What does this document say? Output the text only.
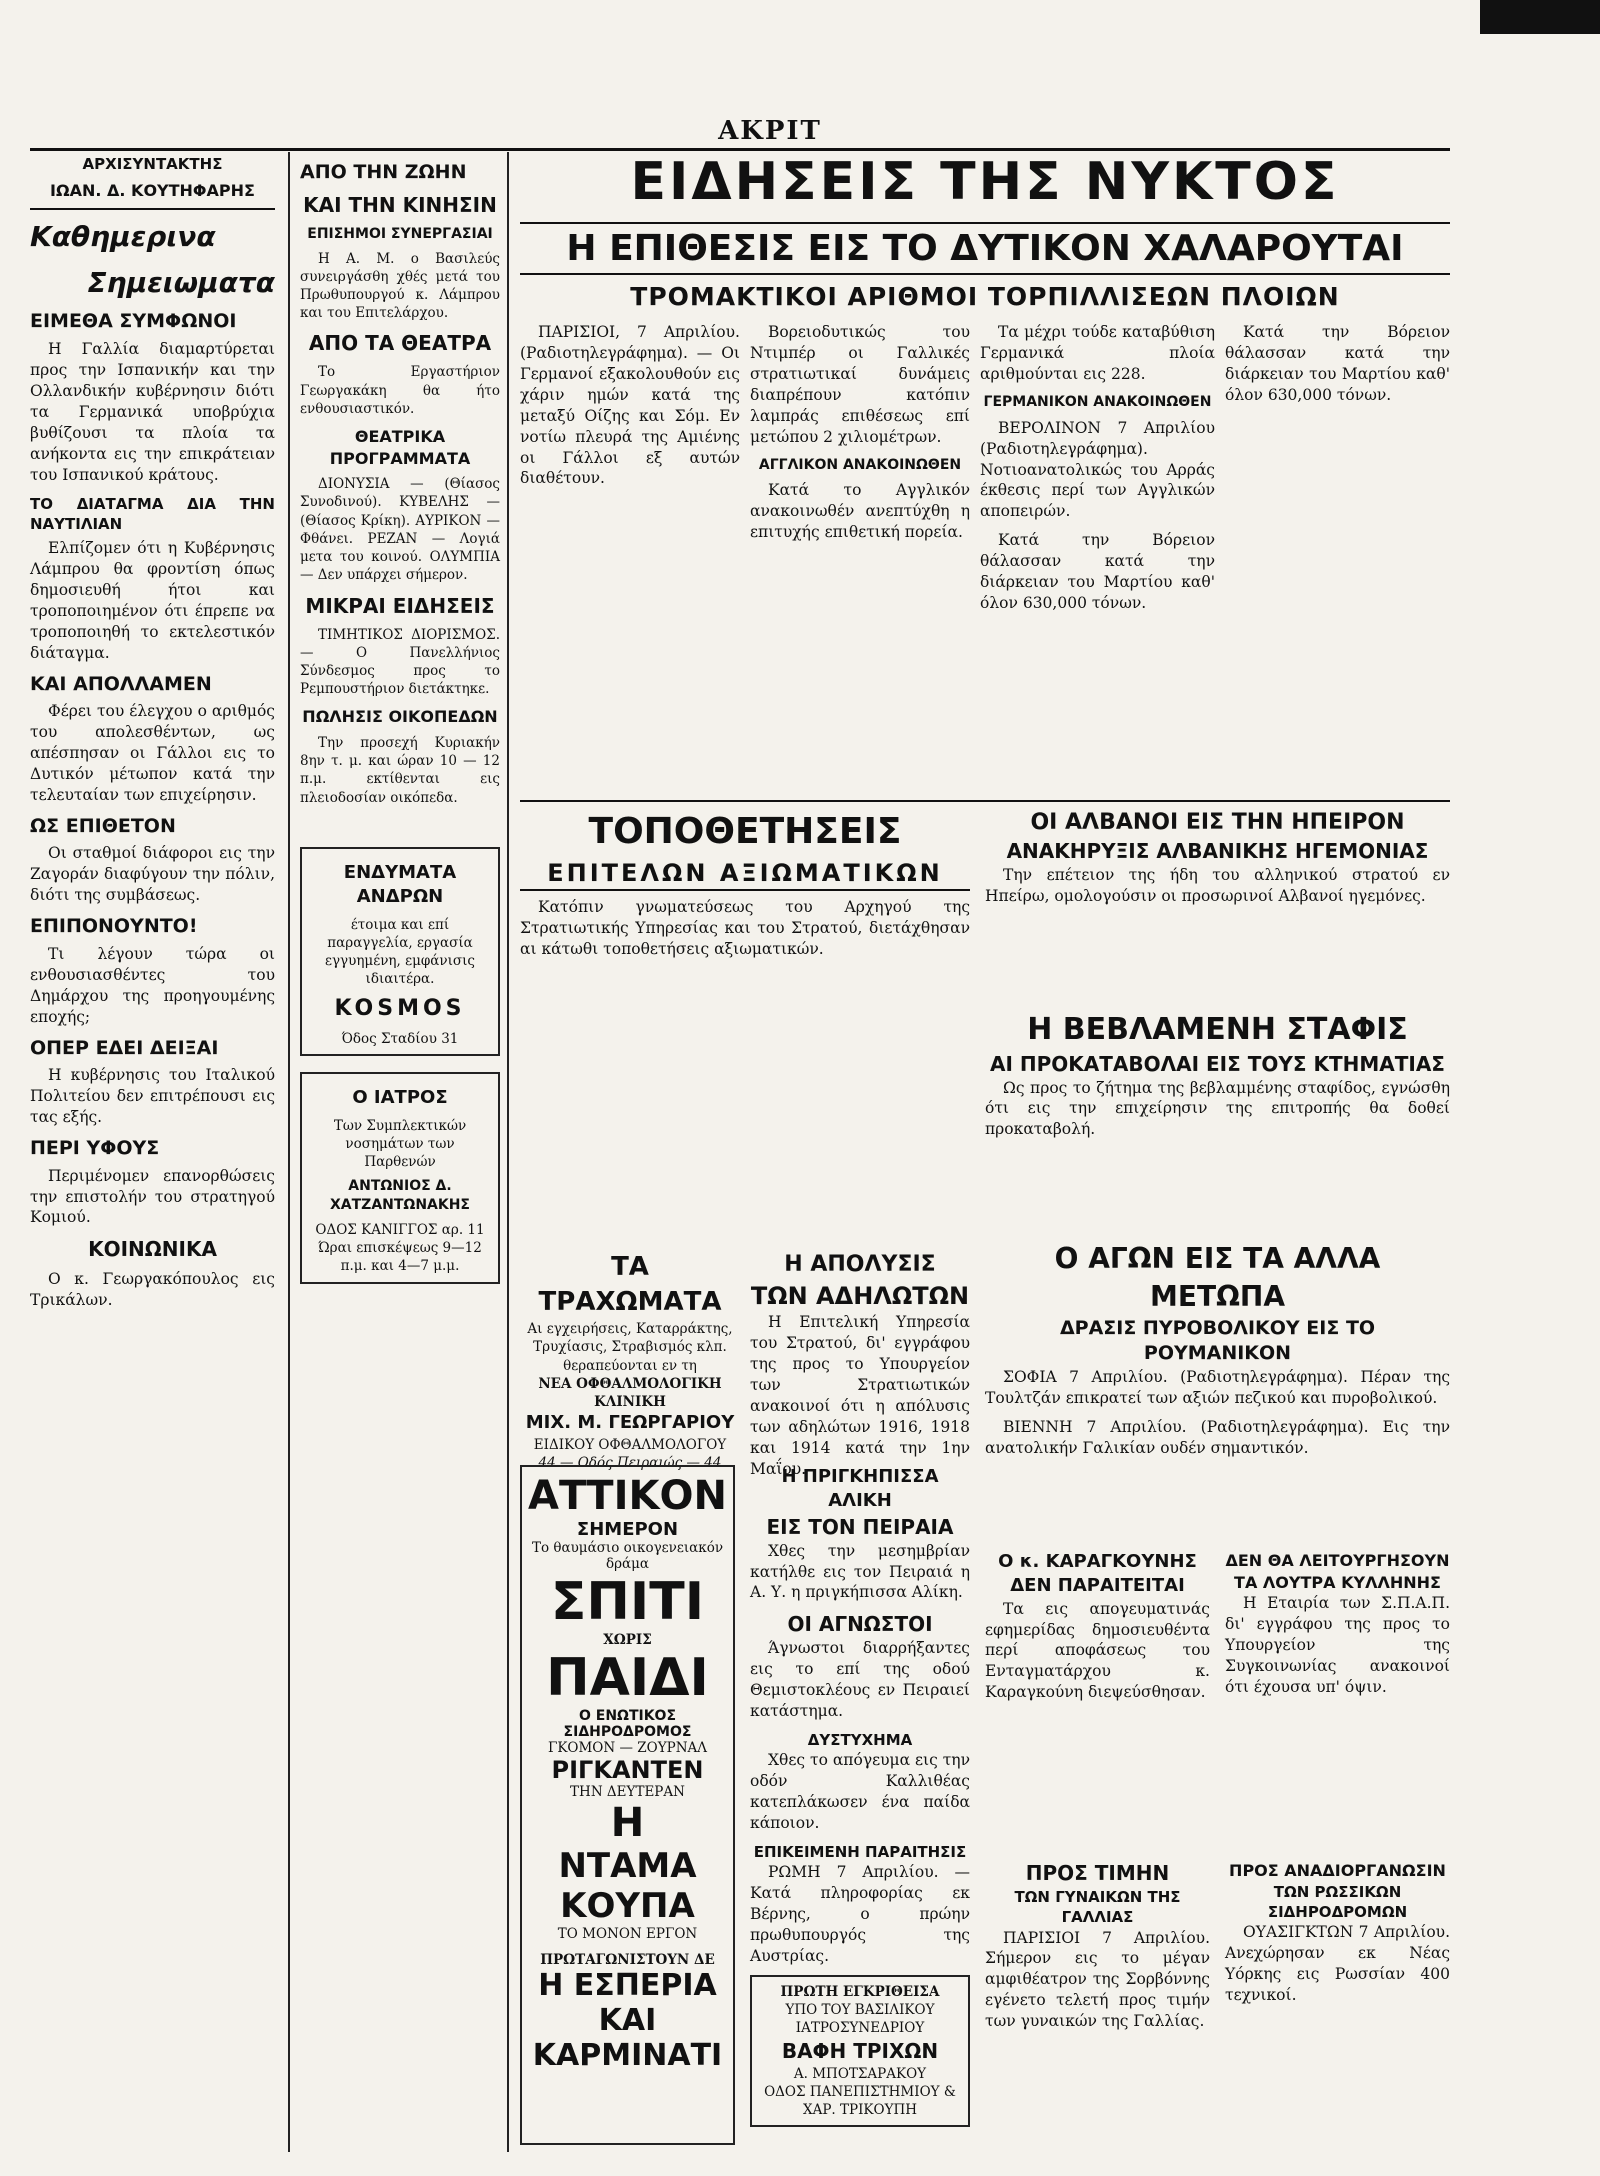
ΑΚΡΙΤ
ΑΡΧΙΣΥΝΤΑΚΤΗΣ
ΙΩΑΝ. Δ. ΚΟΥΤΗΦΑΡΗΣ
Καθημερινα
Σημειωματα
ΕΙΜΕΘΑ ΣΥΜΦΩΝΟΙ

Η Γαλλία διαμαρτύρεται προς την Ισπανικήν και την Ολλανδικήν κυβέρνησιν διότι τα Γερμανικά υποβρύχια βυθίζουσι τα πλοία τα ανήκοντα εις την επικράτειαν του Ισπανικού κράτους.

ΤΟ ΔΙΑΤΑΓΜΑ ΔΙΑ ΤΗΝ ΝΑΥΤΙΛΙΑΝ

Ελπίζομεν ότι η Κυβέρνησις Λάμπρου θα φροντίση όπως δημοσιευθή ήτοι και τροποποιημένον ότι έπρεπε να τροποποιηθή το εκτελεστικόν διάταγμα.

ΚΑΙ ΑΠΟΛΛΑΜΕΝ

Φέρει του έλεγχου ο αριθμός του απολεσθέντων, ως απέσπησαν οι Γάλλοι εις το Δυτικόν μέτωπον κατά την τελευταίαν των επιχείρησιν.

ΩΣ ΕΠΙΘΕΤΟΝ

Οι σταθμοί διάφοροι εις την Ζαγοράν διαφύγουν την πόλιν, διότι της συμβάσεως.

ΕΠΙΠΟΝΟΥΝΤΟ!

Τι λέγουν τώρα οι ενθουσιασθέντες του Δημάρχου της προηγουμένης εποχής;

ΟΠΕΡ ΕΔΕΙ ΔΕΙΞΑΙ

Η κυβέρνησις του Ιταλικού Πολιτείου δεν επιτρέπουσι εις τας εξής.

ΠΕΡΙ ΥΦΟΥΣ

Περιμένομεν επανορθώσεις την επιστολήν του στρατηγού Κομιού.

ΚΟΙΝΩΝΙΚΑ

Ο κ. Γεωργακόπουλος εις Τρικάλων.

ΑΠΟ ΤΗΝ ΖΩΗΝ
ΚΑΙ ΤΗΝ ΚΙΝΗΣΙΝ
ΕΠΙΣΗΜΟΙ ΣΥΝΕΡΓΑΣΙΑΙ

Η Α. Μ. ο Βασιλεύς συνειργάσθη χθές μετά του Πρωθυπουργού κ. Λάμπρου και του Επιτελάρχου.

ΑΠΟ ΤΑ ΘΕΑΤΡΑ

Το Εργαστήριον Γεωργακάκη θα ήτο ενθουσιαστικόν.

ΘΕΑΤΡΙΚΑ ΠΡΟΓΡΑΜΜΑΤΑ

ΔΙΟΝΥΣΙΑ — (Θίασος Συνοδινού). ΚΥΒΕΛΗΣ — (Θίασος Κρίκη). ΑΥΡΙΚΟΝ — Φθάνει. ΡΕΖΑΝ — Λογιά μετα του κοινού. ΟΛΥΜΠΙΑ — Δεν υπάρχει σήμερον.

ΜΙΚΡΑΙ ΕΙΔΗΣΕΙΣ

ΤΙΜΗΤΙΚΟΣ ΔΙΟΡΙΣΜΟΣ. — Ο Πανελλήνιος Σύνδεσμος προς το Ρεμπουστήριον διετάκτηκε.

ΠΩΛΗΣΙΣ ΟΙΚΟΠΕΔΩΝ

Την προσεχή Κυριακήν 8ην τ. μ. και ώραν 10 — 12 π.μ. εκτίθενται εις πλειοδοσίαν οικόπεδα.

ΕΝΔΥΜΑΤΑ ΑΝΔΡΩΝ
έτοιμα και επί παραγγελία, εργασία εγγυημένη, εμφάνισις ιδιαιτέρα.
KOSMOS
Όδος Σταδίου 31
Ο ΙΑΤΡΟΣ
Των Συμπλεκτικών νοσημάτων των Παρθενών
ΑΝΤΩΝΙΟΣ Δ. ΧΑΤΖΑΝΤΩΝΑΚΗΣ
ΟΔΟΣ ΚΑΝΙΓΓΟΣ αρ. 11
Ώραι επισκέψεως 9—12 π.μ. και 4—7 μ.μ.
ΕΙΔΗΣΕΙΣ ΤΗΣ ΝΥΚΤΟΣ
Η ΕΠΙΘΕΣΙΣ ΕΙΣ ΤΟ ΔΥΤΙΚΟΝ ΧΑΛΑΡΟΥΤΑΙ
ΤΡΟΜΑΚΤΙΚΟΙ ΑΡΙΘΜΟΙ ΤΟΡΠΙΛΛΙΣΕΩΝ ΠΛΟΙΩΝ

ΠΑΡΙΣΙΟΙ, 7 Απριλίου. (Ραδιοτηλεγράφημα). — Οι Γερμανοί εξακολουθούν εις χάριν ημών κατά της μεταξύ Οίζης και Σόμ. Εν νοτίω πλευρά της Αμιένης οι Γάλλοι εξ αυτών διαθέτουν.

Βορειοδυτικώς του Ντιμπέρ οι Γαλλικές στρατιωτικαί δυνάμεις διαπρέπουν κατόπιν λαμπράς επιθέσεως επί μετώπου 2 χιλιομέτρων.

ΑΓΓΛΙΚΟΝ ΑΝΑΚΟΙΝΩΘΕΝ

Κατά το Αγγλικόν ανακοινωθέν ανεπτύχθη η επιτυχής επιθετική πορεία.

Τα μέχρι τούδε καταβύθιση Γερμανικά πλοία αριθμούνται εις 228.

ΓΕΡΜΑΝΙΚΟΝ ΑΝΑΚΟΙΝΩΘΕΝ

ΒΕΡΟΛΙΝΟΝ 7 Απριλίου (Ραδιοτηλεγράφημα). Νοτιοανατολικώς του Αρράς έκθεσις περί των Αγγλικών αποπειρών.

Κατά την Βόρειον θάλασσαν κατά την διάρκειαν του Μαρτίου καθ' όλον 630,000 τόνων.

Κατά την Βόρειον θάλασσαν κατά την διάρκειαν του Μαρτίου καθ' όλον 630,000 τόνων.

ΤΟΠΟΘΕΤΗΣΕΙΣ
ΕΠΙΤΕΛΩΝ ΑΞΙΩΜΑΤΙΚΩΝ

Κατόπιν γνωματεύσεως του Αρχηγού της Στρατιωτικής Υπηρεσίας και του Στρατού, διετάχθησαν αι κάτωθι τοποθετήσεις αξιωματικών.

ΟΙ ΑΛΒΑΝΟΙ ΕΙΣ ΤΗΝ ΗΠΕΙΡΟΝ
ΑΝΑΚΗΡΥΞΙΣ ΑΛΒΑΝΙΚΗΣ ΗΓΕΜΟΝΙΑΣ

Την επέτειον της ήδη του αλληνικού στρατού εν Ηπείρω, ομολογούσιν οι προσωρινοί Αλβανοί ηγεμόνες.

Η ΒΕΒΛΑΜΕΝΗ ΣΤΑΦΙΣ
ΑΙ ΠΡΟΚΑΤΑΒΟΛΑΙ ΕΙΣ ΤΟΥΣ ΚΤΗΜΑΤΙΑΣ

Ως προς το ζήτημα της βεβλαμμένης σταφίδος, εγνώσθη ότι εις την επιχείρησιν της επιτροπής θα δοθεί προκαταβολή.

ΤΑ ΤΡΑΧΩΜΑΤΑ
Αι εγχειρήσεις, Καταρράκτης, Τρυχίασις, Στραβισμός κλπ. θεραπεύονται εν τη
ΝΕΑ ΟΦΘΑΛΜΟΛΟΓΙΚΗ ΚΛΙΝΙΚΗ
ΜΙΧ. Μ. ΓΕΩΡΓΑΡΙΟΥ
ΕΙΔΙΚΟΥ ΟΦΘΑΛΜΟΛΟΓΟΥ
44 — Οδός Πειραιώς — 44
Η ΑΠΟΛΥΣΙΣ
ΤΩΝ ΑΔΗΛΩΤΩΝ

Η Επιτελική Υπηρεσία του Στρατού, δι' εγγράφου της προς το Υπουργείον των Στρατιωτικών ανακοινοί ότι η απόλυσις των αδηλώτων 1916, 1918 και 1914 κατά την 1ην Μαΐου.

Ο ΑΓΩΝ ΕΙΣ ΤΑ ΑΛΛΑ ΜΕΤΩΠΑ
ΔΡΑΣΙΣ ΠΥΡΟΒΟΛΙΚΟΥ ΕΙΣ ΤΟ ΡΟΥΜΑΝΙΚΟΝ

ΣΟΦΙΑ 7 Απριλίου. (Ραδιοτηλεγράφημα). Πέραν της Τουλτζάν επικρατεί των αξιών πεζικού και πυροβολικού.

ΒΙΕΝΝΗ 7 Απριλίου. (Ραδιοτηλεγράφημα). Εις την ανατολικήν Γαλικίαν ουδέν σημαντικόν.

ΑΤΤΙΚΟΝ
ΣΗΜΕΡΟΝ
Το θαυμάσιο οικογενειακόν δράμα
ΣΠΙΤΙ
ΧΩΡΙΣ
ΠΑΙΔΙ
Ο ΕΝΩΤΙΚΟΣ ΣΙΔΗΡΟΔΡΟΜΟΣ
ΓΚΟΜΟΝ — ΖΟΥΡΝΑΛ
ΡΙΓΚΑΝΤΕΝ
ΤΗΝ ΔΕΥΤΕΡΑΝ
Η
ΝΤΑΜΑ ΚΟΥΠΑ
ΤΟ ΜΟΝΟΝ ΕΡΓΟΝ
ΠΡΩΤΑΓΩΝΙΣΤΟΥΝ ΔΕ
Η ΕΣΠΕΡΙΑ
ΚΑΙ ΚΑΡΜΙΝΑΤΙ
Η ΠΡΙΓΚΗΠΙΣΣΑ ΑΛΙΚΗ
ΕΙΣ ΤΟΝ ΠΕΙΡΑΙΑ

Χθες την μεσημβρίαν κατήλθε εις τον Πειραιά η Α. Υ. η πριγκήπισσα Αλίκη.

ΟΙ ΑΓΝΩΣΤΟΙ

Άγνωστοι διαρρήξαντες εις το επί της οδού Θεμιστοκλέους εν Πειραιεί κατάστημα.

ΔΥΣΤΥΧΗΜΑ

Χθες το απόγευμα εις την οδόν Καλλιθέας κατεπλάκωσεν ένα παίδα κάποιον.

ΕΠΙΚΕΙΜΕΝΗ ΠΑΡΑΙΤΗΣΙΣ

ΡΩΜΗ 7 Απριλίου. — Κατά πληροφορίας εκ Βέρνης, ο πρώην πρωθυπουργός της Αυστρίας.

ΠΡΩΤΗ ΕΓΚΡΙΘΕΙΣΑ
ΥΠΟ ΤΟΥ ΒΑΣΙΛΙΚΟΥ ΙΑΤΡΟΣΥΝΕΔΡΙΟΥ
ΒΑΦΗ ΤΡΙΧΩΝ
Α. ΜΠΟΤΣΑΡΑΚΟΥ
ΟΔΟΣ ΠΑΝΕΠΙΣΤΗΜΙΟΥ & ΧΑΡ. ΤΡΙΚΟΥΠΗ
Ο κ. ΚΑΡΑΓΚΟΥΝΗΣ
ΔΕΝ ΠΑΡΑΙΤΕΙΤΑΙ

Τα εις απογευματινάς εφημερίδας δημοσιευθέντα περί αποφάσεως του Ενταγματάρχου κ. Καραγκούνη διεψεύσθησαν.

ΔΕΝ ΘΑ ΛΕΙΤΟΥΡΓΗΣΟΥΝ
ΤΑ ΛΟΥΤΡΑ ΚΥΛΛΗΝΗΣ

Η Εταιρία των Σ.Π.Α.Π. δι' εγγράφου της προς το Υπουργείον της Συγκοινωνίας ανακοινοί ότι έχουσα υπ' όψιν.

ΠΡΟΣ ΤΙΜΗΝ
ΤΩΝ ΓΥΝΑΙΚΩΝ ΤΗΣ ΓΑΛΛΙΑΣ

ΠΑΡΙΣΙΟΙ 7 Απριλίου. Σήμερον εις το μέγαν αμφιθέατρον της Σορβόννης εγένετο τελετή προς τιμήν των γυναικών της Γαλλίας.

ΠΡΟΣ ΑΝΑΔΙΟΡΓΑΝΩΣΙΝ
ΤΩΝ ΡΩΣΣΙΚΩΝ ΣΙΔΗΡΟΔΡΟΜΩΝ

ΟΥΑΣΙΓΚΤΩΝ 7 Απριλίου. Ανεχώρησαν εκ Νέας Υόρκης εις Ρωσσίαν 400 τεχνικοί.
